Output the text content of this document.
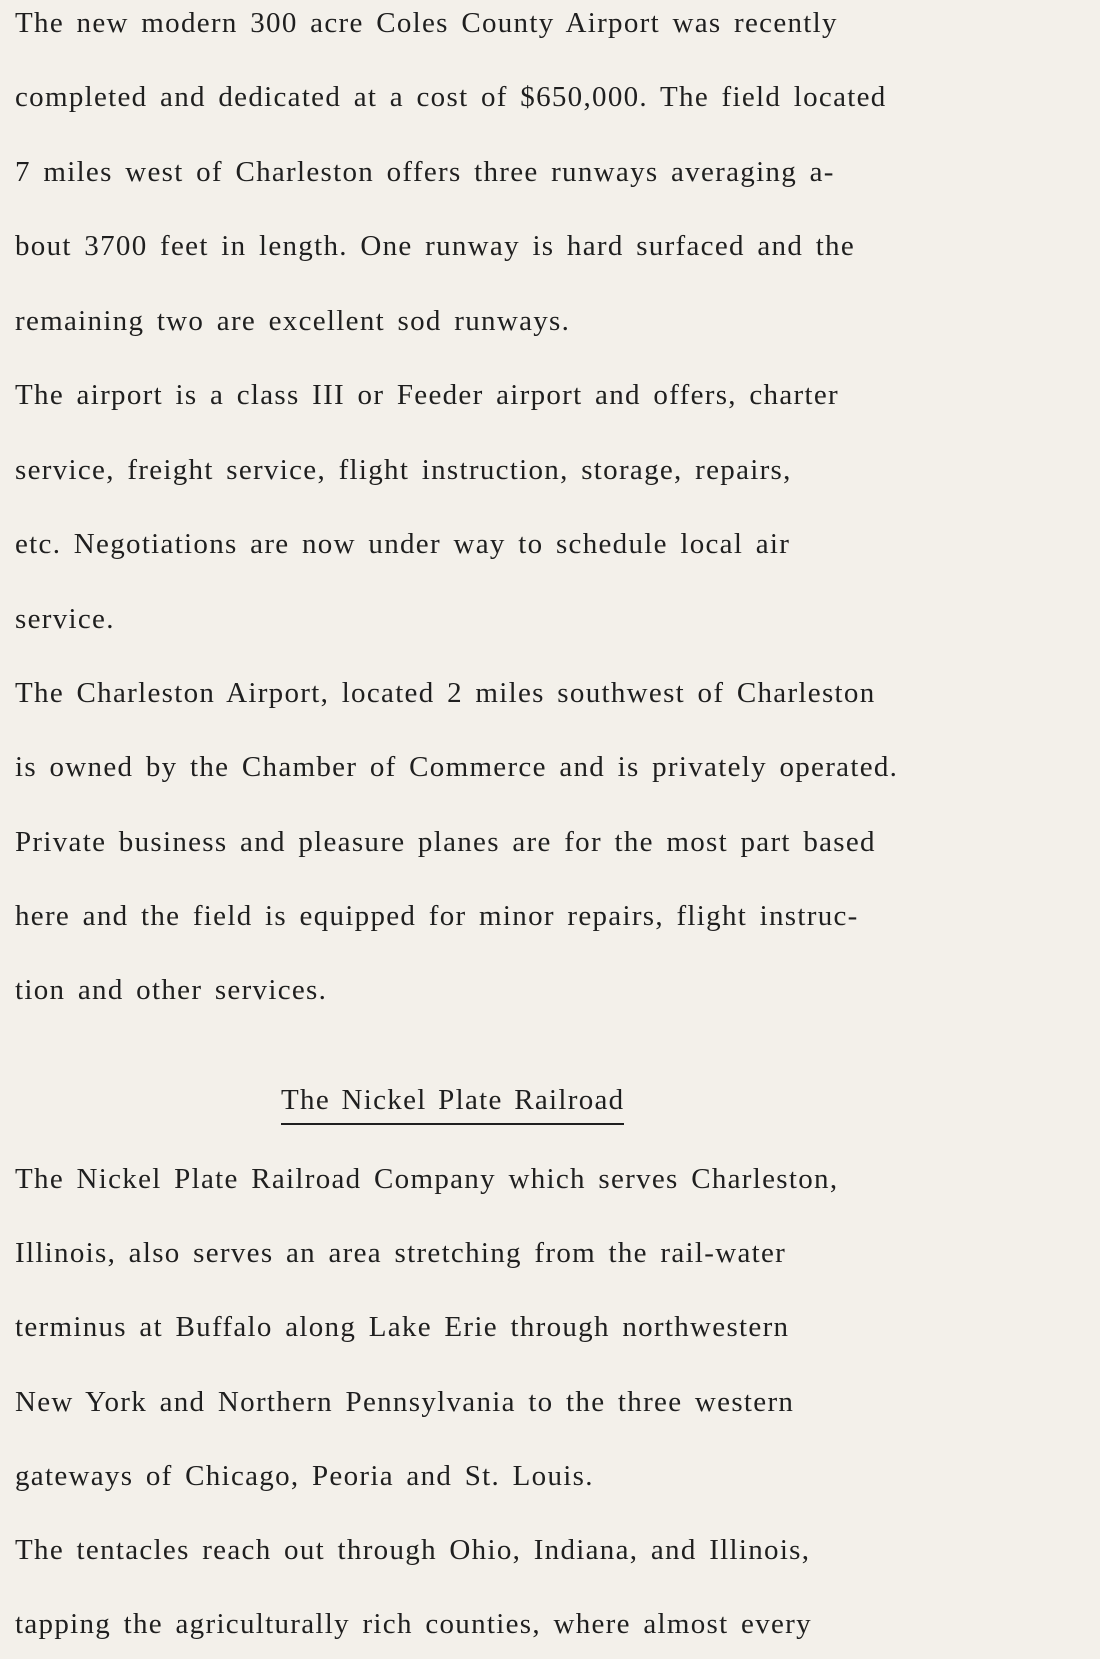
The new modern 300 acre Coles County Airport was recently
completed and dedicated at a cost of $650,000. The field located
7 miles west of Charleston offers three runways averaging a-
bout 3700 feet in length. One runway is hard surfaced and the
remaining two are excellent sod runways.
The airport is a class III or Feeder airport and offers, charter
service, freight service, flight instruction, storage, repairs,
etc. Negotiations are now under way to schedule local air
service.
The Charleston Airport, located 2 miles southwest of Charleston
is owned by the Chamber of Commerce and is privately operated.
Private business and pleasure planes are for the most part based
here and the field is equipped for minor repairs, flight instruc-
tion and other services.
The Nickel Plate Railroad
The Nickel Plate Railroad Company which serves Charleston,
Illinois, also serves an area stretching from the rail-water
terminus at Buffalo along Lake Erie through northwestern
New York and Northern Pennsylvania to the three western
gateways of Chicago, Peoria and St. Louis.
The tentacles reach out through Ohio, Indiana, and Illinois,
tapping the agriculturally rich counties, where almost every
